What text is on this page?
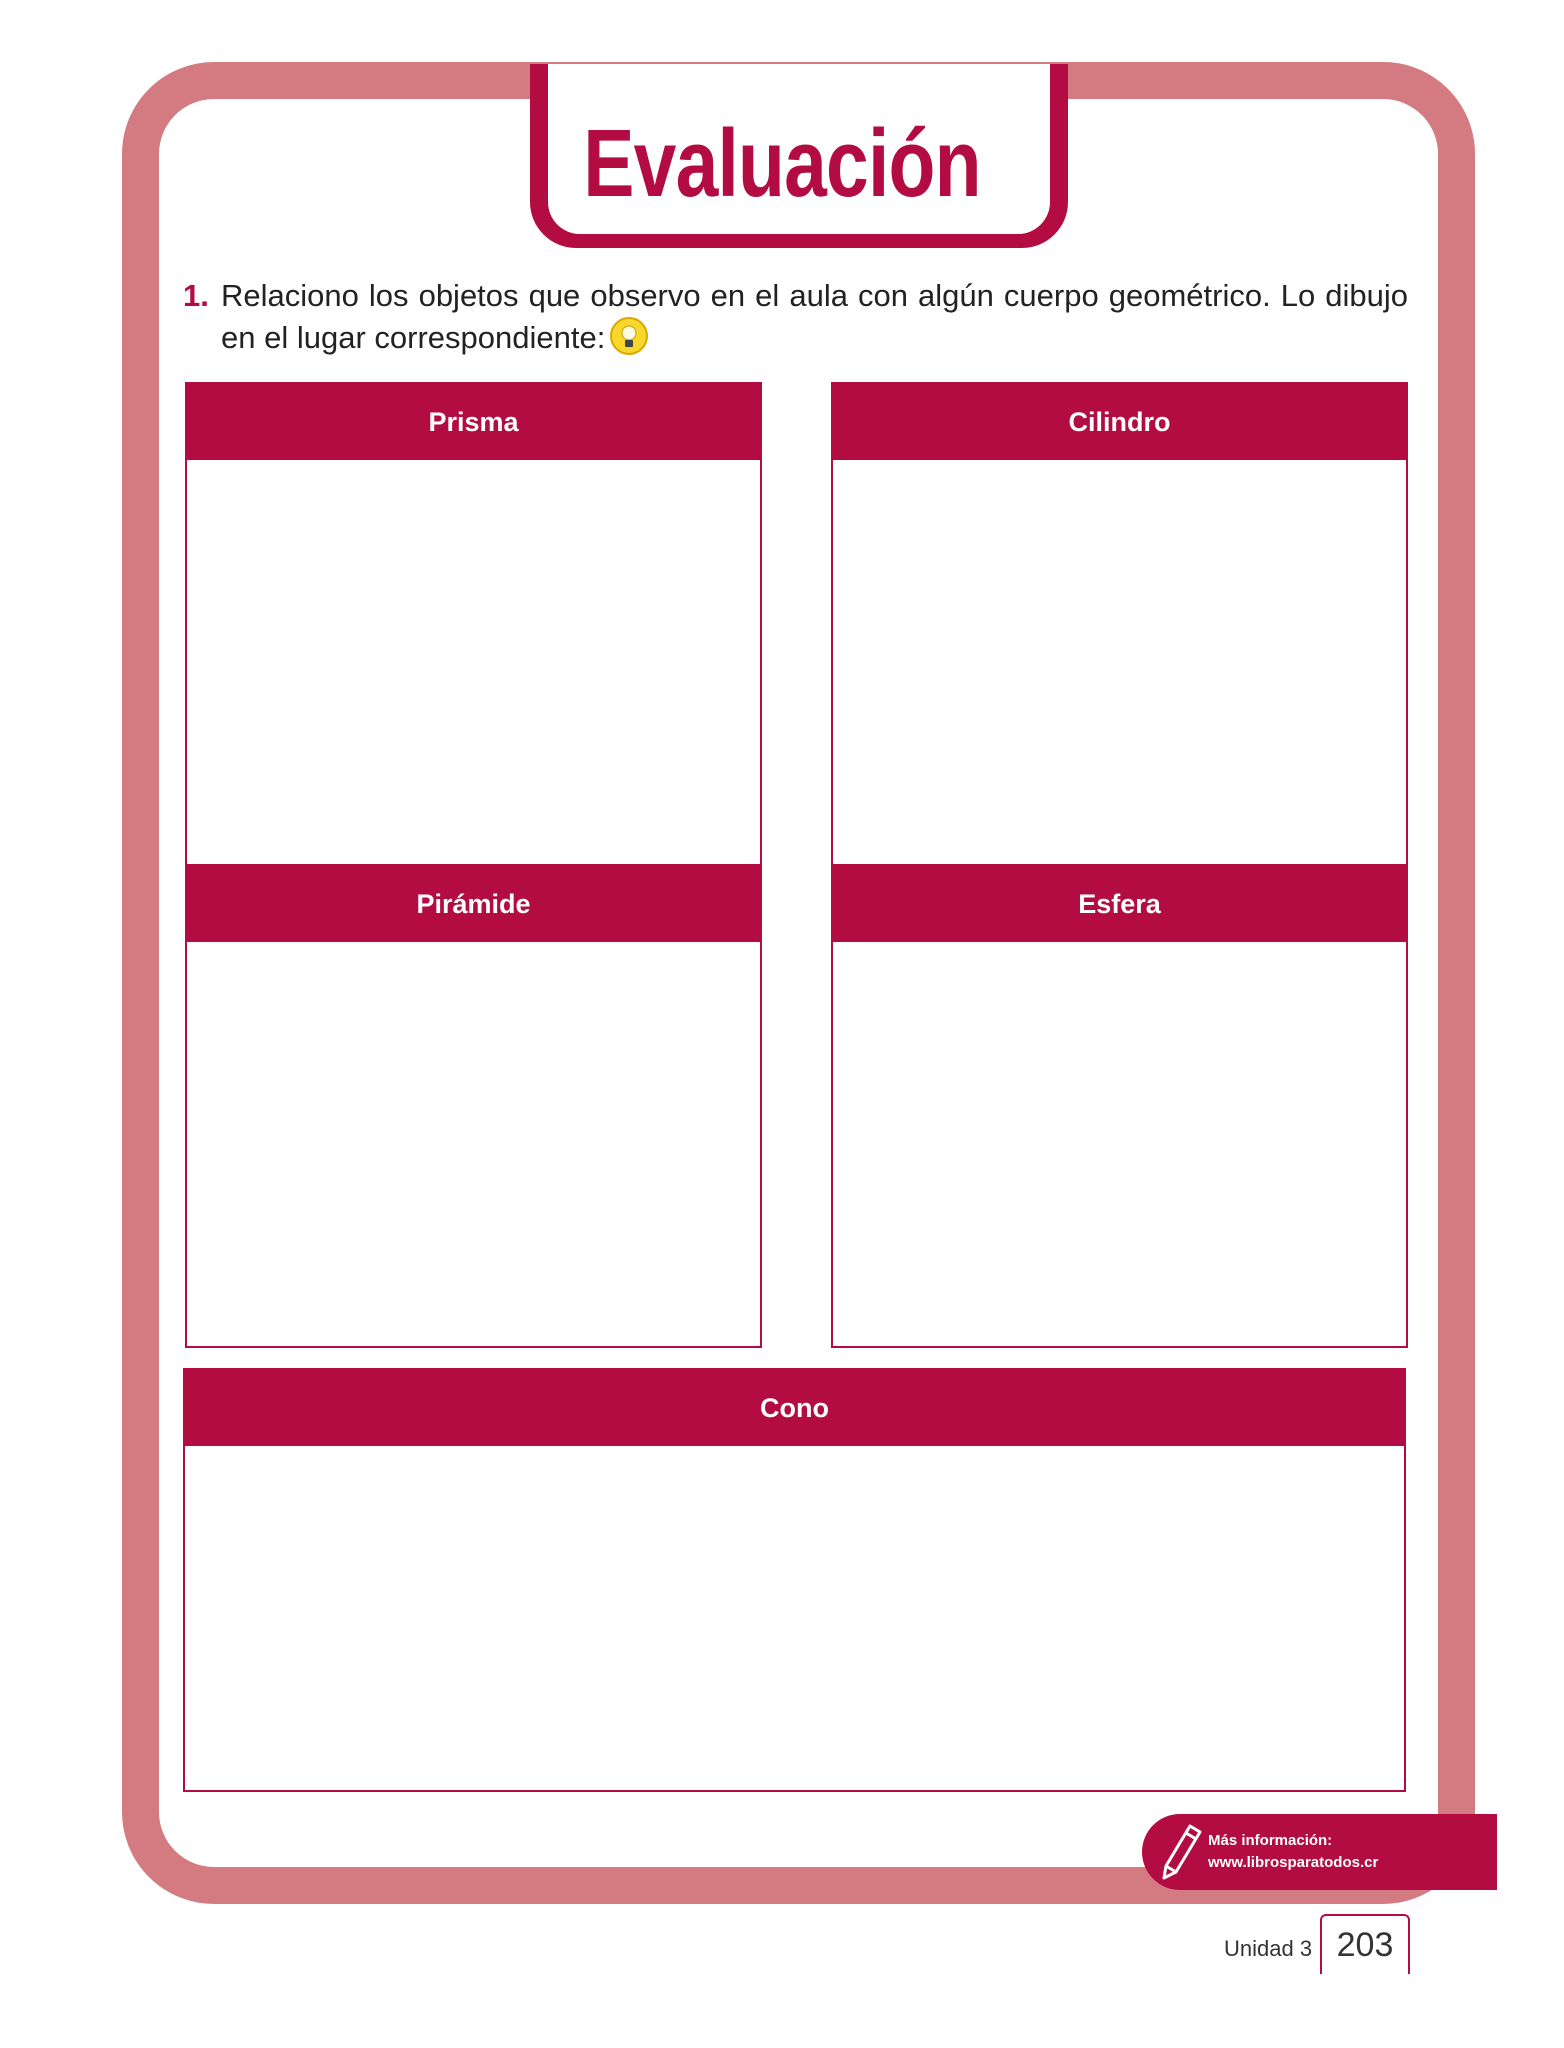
Evaluación
1. Relaciono los objetos que observo en el aula con algún cuerpo geométrico. Lo dibujo en el lugar correspondiente:
Prisma	Cilindro
Pirámide	Esfera
Cono
Más información:
www.librosparatodos.cr
Unidad 3 203
